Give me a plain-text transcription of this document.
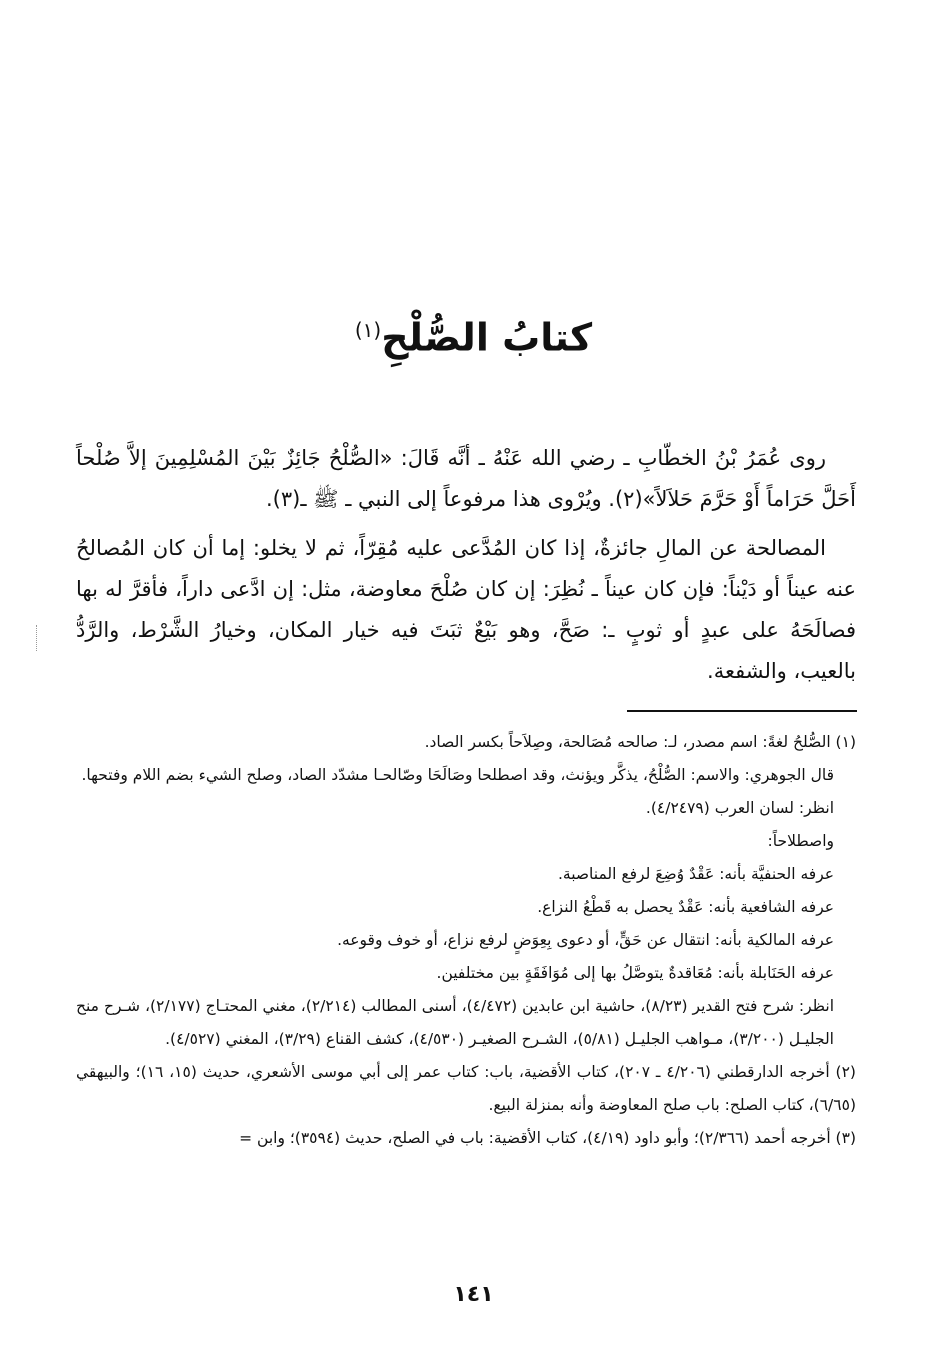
كتابُ الصُّلْحِ$^{(١)}$

روى عُمَرُ بْنُ الخطّابِ ـ رضي الله عَنْهُ ـ أنَّه قَالَ: «الصُّلْحُ جَائِزٌ بَيْنَ المُسْلِمِينَ إلاَّ صُلْحاً أَحَلَّ حَرَاماً أَوْ حَرَّمَ حَلاَلاً»(٢). ويُرْوى هذا مرفوعاً إلى النبي ـ ﷺ ـ(٣).

المصالحة عن المالِ جائزةٌ، إذا كان المُدَّعى عليه مُقِرّاً، ثم لا يخلو: إما أن كان المُصالحُ عنه عيناً أو دَيْناً: فإن كان عيناً ـ نُظِرَ: إن كان صُلْحَ معاوضة، مثل: إن ادَّعى داراً، فأقرَّ له بها فصالَحَهُ على عبدٍ أو ثوبٍ ـ: صَحَّ، وهو بَيْعٌ ثبَتَ فيه خيار المكان، وخيارُ الشَّرْط، والرَّدُّ بالعيب، والشفعة.

(١) الصُّلحُ لغةً: اسم مصدر، لـ: صالحه مُصَالحة، وصِلاَحاً بكسر الصاد.

قال الجوهري: والاسم: الصُّلْحُ، يذكَّر ويؤنث، وقد اصطلحا وصَالَحَا وصّالحـا مشدّد الصاد، وصلح الشيء بضم اللام وفتحها.

انظر: لسان العرب (٤/٢٤٧٩).

واصطلاحاً:

عرفه الحنفيَّة بأنه: عَقْدٌ وُضِعَ لرفع المناصبة.

عرفه الشافعية بأنه: عَقْدٌ يحصل به قَطْعُ النزاع.

عرفه المالكية بأنه: انتقال عن حَقٍّ، أو دعوى بِعِوَضٍ لرفع نزاع، أو خوف وقوعه.

عرفه الحَنَابلة بأنه: مُعَاقدةٌ يتوصَّلُ بها إلى مُوَافَقَةٍ بين مختلفين.

انظر: شرح فتح القدير (٨/٢٣)، حاشية ابن عابدين (٤/٤٧٢)، أسنى المطالب (٢/٢١٤)، مغني المحتـاج (٢/١٧٧)، شـرح منح الجليـل (٣/٢٠٠)، مـواهب الجليـل (٥/٨١)، الشـرح الصغيـر (٤/٥٣٠)، كشف القناع (٣/٢٩)، المغني (٤/٥٢٧).

(٢) أخرجه الدارقطني (٤/٢٠٦ ـ ٢٠٧)، كتاب الأقضية، باب: كتاب عمر إلى أبي موسى الأشعري، حديث (١٥، ١٦)؛ والبيهقي (٦/٦٥)، كتاب الصلح: باب صلح المعاوضة وأنه بمنزلة البيع.

(٣) أخرجه أحمد (٢/٣٦٦)؛ وأبو داود (٤/١٩)، كتاب الأقضية: باب في الصلح، حديث (٣٥٩٤)؛ وابن =

١٤١
